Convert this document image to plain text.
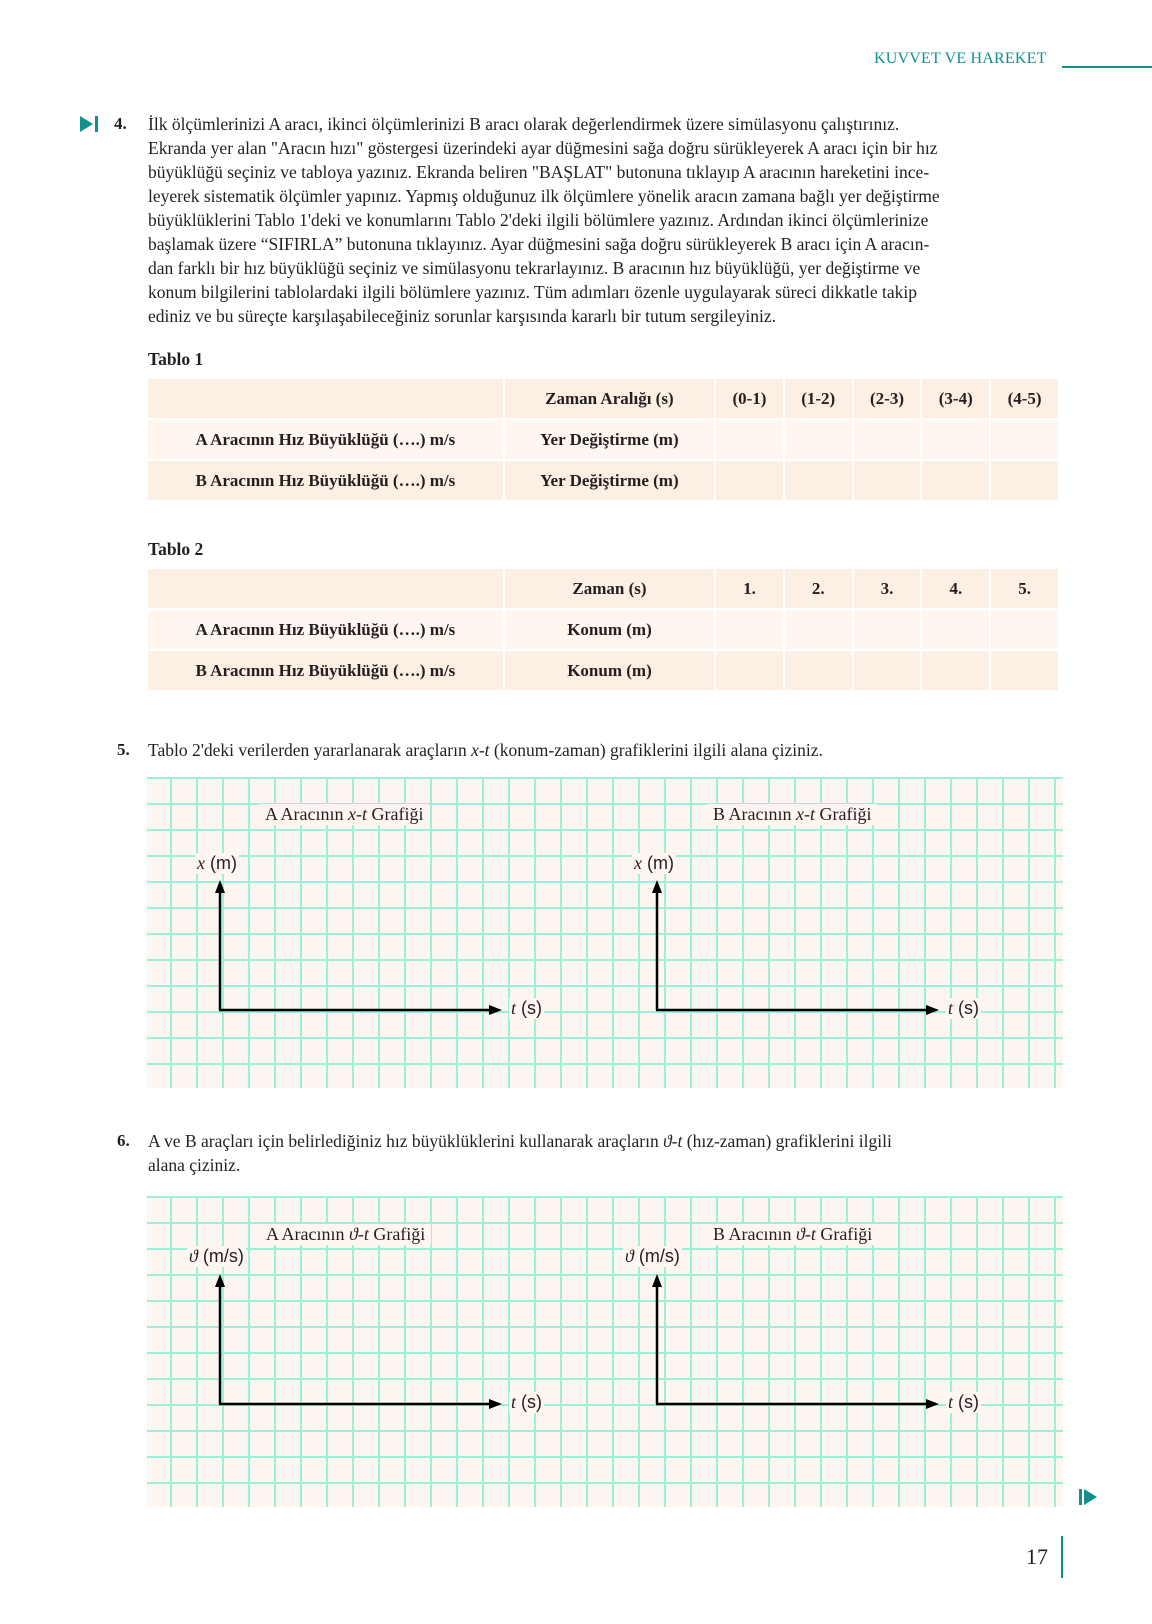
KUVVET VE HAREKET
4. İlk ölçümlerinizi A aracı, ikinci ölçümlerinizi B aracı olarak değerlendirmek üzere simülasyonu çalıştırınız.
Ekranda yer alan "Aracın hızı" göstergesi üzerindeki ayar düğmesini sağa doğru sürükleyerek A aracı için bir hız
büyüklüğü seçiniz ve tabloya yazınız. Ekranda beliren "BAŞLAT" butonuna tıklayıp A aracının hareketini ince-
leyerek sistematik ölçümler yapınız. Yapmış olduğunuz ilk ölçümlere yönelik aracın zamana bağlı yer değiştirme
büyüklüklerini Tablo 1'deki ve konumlarını Tablo 2'deki ilgili bölümlere yazınız. Ardından ikinci ölçümlerinize
başlamak üzere “SIFIRLA” butonuna tıklayınız. Ayar düğmesini sağa doğru sürükleyerek B aracı için A aracın-
dan farklı bir hız büyüklüğü seçiniz ve simülasyonu tekrarlayınız. B aracının hız büyüklüğü, yer değiştirme ve
konum bilgilerini tablolardaki ilgili bölümlere yazınız. Tüm adımları özenle uygulayarak süreci dikkatle takip
ediniz ve bu süreçte karşılaşabileceğiniz sorunlar karşısında kararlı bir tutum sergileyiniz.
Tablo 1
	Zaman Aralığı (s)	(0-1)	(1-2)	(2-3)	(3-4)	(4-5)
A Aracının Hız Büyüklüğü (….) m/s	Yer Değiştirme (m)					
B Aracının Hız Büyüklüğü (….) m/s	Yer Değiştirme (m)					
Tablo 2
	Zaman (s)	1.	2.	3.	4.	5.
A Aracının Hız Büyüklüğü (….) m/s	Konum (m)					
B Aracının Hız Büyüklüğü (….) m/s	Konum (m)					
5. Tablo 2'deki verilerden yararlanarak araçların x-t (konum-zaman) grafiklerini ilgili alana çiziniz.
A Aracının x-t Grafiği
x (m)
t (s)
B Aracının x-t Grafiği
x (m)
t (s)
6. A ve B araçları için belirlediğiniz hız büyüklüklerini kullanarak araçların ϑ-t (hız-zaman) grafiklerini ilgili
alana çiziniz.
A Aracının ϑ-t Grafiği
ϑ (m/s)
t (s)
B Aracının ϑ-t Grafiği
ϑ (m/s)
t (s)
17
